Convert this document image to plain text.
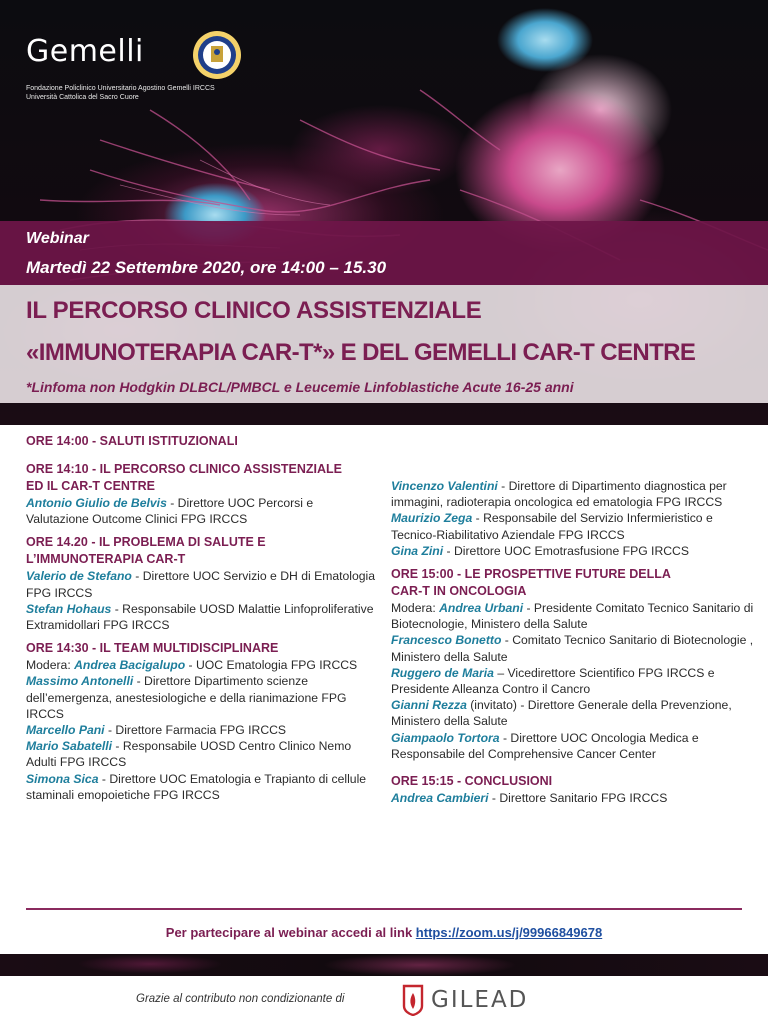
Gemelli
Fondazione Policlinico Universitario Agostino Gemelli IRCCS
Università Cattolica del Sacro Cuore
Webinar
Martedì 22 Settembre 2020, ore 14:00 – 15.30
IL PERCORSO CLINICO ASSISTENZIALE
«IMMUNOTERAPIA CAR-T*» E DEL GEMELLI CAR-T CENTRE
*Linfoma non Hodgkin DLBCL/PMBCL e Leucemie Linfoblastiche Acute 16-25 anni

ORE 14:00 - SALUTI ISTITUZIONALI

ORE 14:10 - IL PERCORSO CLINICO ASSISTENZIALE

ED IL CAR-T CENTRE

Antonio Giulio de Belvis - Direttore UOC Percorsi e Valutazione Outcome Clinici FPG IRCCS

ORE 14.20 - IL PROBLEMA DI SALUTE E

L’IMMUNOTERAPIA CAR-T

Valerio de Stefano - Direttore UOC Servizio e DH di Ematologia FPG IRCCS

Stefan Hohaus - Responsabile UOSD Malattie Linfoproliferative Extramidollari FPG IRCCS

ORE 14:30 - IL TEAM MULTIDISCIPLINARE

Modera: Andrea Bacigalupo - UOC Ematologia FPG IRCCS

Massimo Antonelli - Direttore Dipartimento scienze dell’emergenza, anestesiologiche e della rianimazione FPG IRCCS

Marcello Pani - Direttore Farmacia FPG IRCCS

Mario Sabatelli - Responsabile UOSD Centro Clinico Nemo Adulti FPG IRCCS

Simona Sica - Direttore UOC Ematologia e Trapianto di cellule staminali emopoietiche FPG IRCCS

Vincenzo Valentini - Direttore di Dipartimento diagnostica per immagini, radioterapia oncologica ed ematologia FPG IRCCS

Maurizio Zega - Responsabile del Servizio Infermieristico e Tecnico-Riabilitativo Aziendale FPG IRCCS

Gina Zini - Direttore UOC Emotrasfusione FPG IRCCS

ORE 15:00 - LE PROSPETTIVE FUTURE DELLA

CAR-T IN ONCOLOGIA

Modera: Andrea Urbani - Presidente Comitato Tecnico Sanitario di Biotecnologie, Ministero della Salute

Francesco Bonetto - Comitato Tecnico Sanitario di Biotecnologie , Ministero della Salute

Ruggero de Maria – Vicedirettore Scientifico FPG IRCCS e Presidente Alleanza Contro il Cancro

Gianni Rezza (invitato) - Direttore Generale della Prevenzione, Ministero della Salute

Giampaolo Tortora - Direttore UOC Oncologia Medica e Responsabile del Comprehensive Cancer Center

ORE 15:15 - CONCLUSIONI

Andrea Cambieri - Direttore Sanitario FPG IRCCS

Per partecipare al webinar accedi al link https://zoom.us/j/99966849678
Grazie al contributo non condizionante di	GILEAD
